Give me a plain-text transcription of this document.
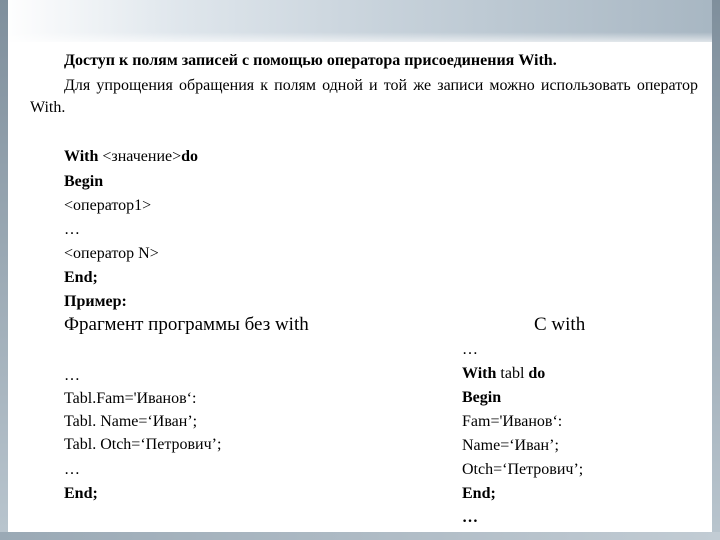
Доступ к полям записей с помощью оператора присоединения With.
Для упрощения обращения к полям одной и той же записи можно использовать оператор With.
With <значение>do
Begin
<оператор1>
…
<оператор N>
End;
Пример:
Фрагмент программы без with
…
Tabl.Fam='Иванов‘:
Tabl. Name=‘Иван’;
Tabl. Otch=‘Петрович’;
…
End;
С with
…
With tabl do
Begin
Fam='Иванов‘:
Name=‘Иван’;
Otch=‘Петрович’;
End;
…
